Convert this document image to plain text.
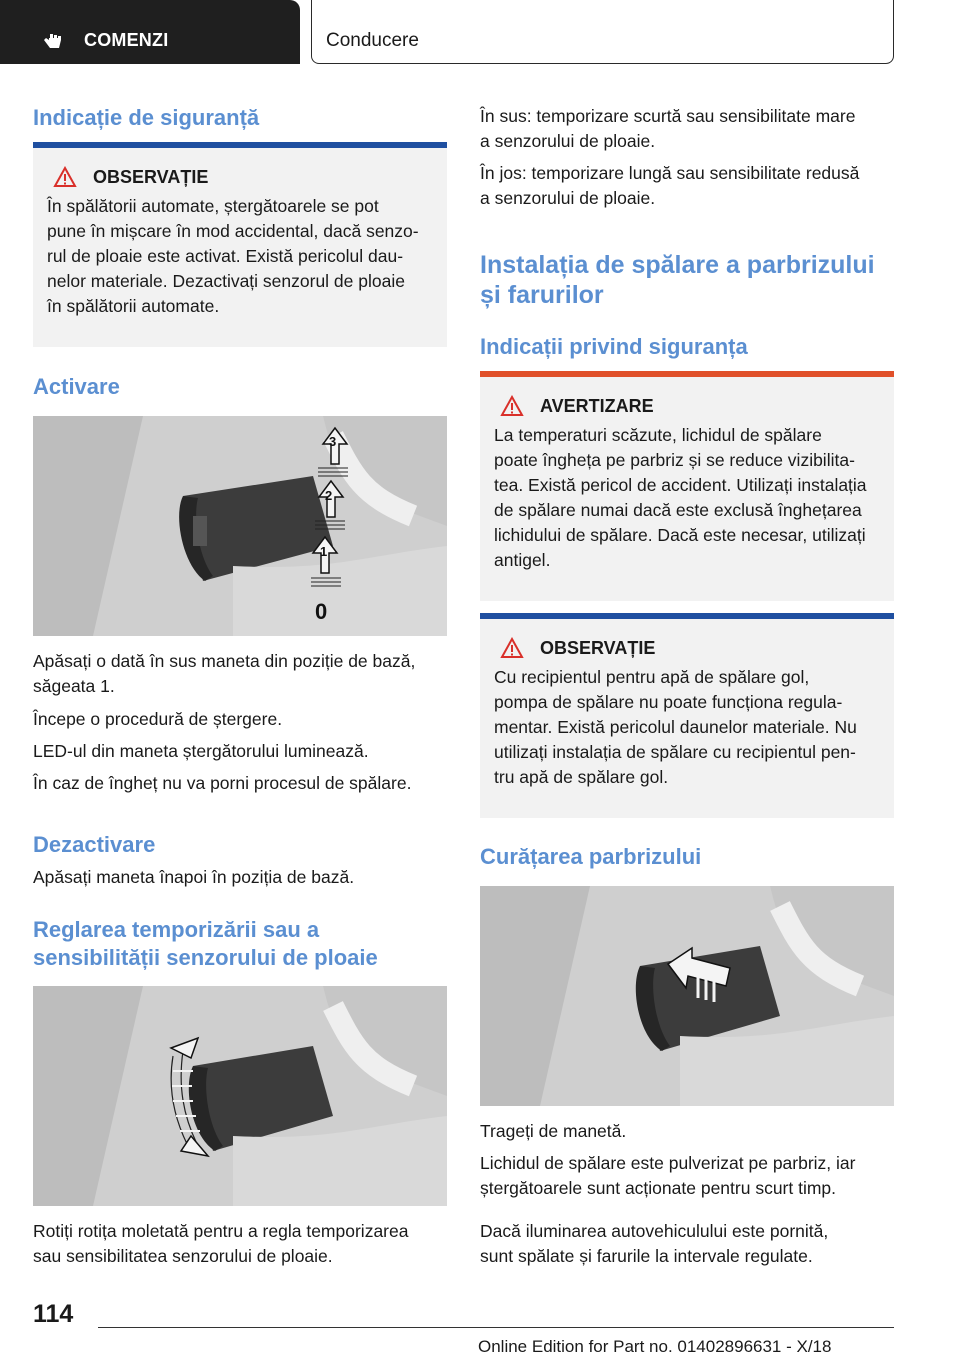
COMENZI	Conducere
Indicație de siguranță
OBSERVAȚIE

În spălătorii automate, ștergătoarele se pot

pune în mișcare în mod accidental, dacă senzo-

rul de ploaie este activat. Există pericolul dau-

nelor materiale. Dezactivați senzorul de ploaie

în spălătorii automate.

Activare
3
2
1
0

Apăsați o dată în sus maneta din poziție de bază,

săgeata 1.

Începe o procedură de ștergere.

LED-ul din maneta ștergătorului luminează.

În caz de îngheț nu va porni procesul de spălare.

Dezactivare

Apăsați maneta înapoi în poziția de bază.

Reglarea temporizării sau a
sensibilității senzorului de ploaie

Rotiți rotița moletată pentru a regla temporizarea

sau sensibilitatea senzorului de ploaie.

În sus: temporizare scurtă sau sensibilitate mare

a senzorului de ploaie.

În jos: temporizare lungă sau sensibilitate redusă

a senzorului de ploaie.

Instalația de spălare a parbrizului
și farurilor
Indicații privind siguranța
AVERTIZARE

La temperaturi scăzute, lichidul de spălare

poate îngheța pe parbriz și se reduce vizibilita-

tea. Există pericol de accident. Utilizați instalația

de spălare numai dacă este exclusă înghețarea

lichidului de spălare. Dacă este necesar, utilizați

antigel.

OBSERVAȚIE

Cu recipientul pentru apă de spălare gol,

pompa de spălare nu poate funcționa regula-

mentar. Există pericolul daunelor materiale. Nu

utilizați instalația de spălare cu recipientul pen-

tru apă de spălare gol.

Curățarea parbrizului

Trageți de manetă.

Lichidul de spălare este pulverizat pe parbriz, iar

ștergătoarele sunt acționate pentru scurt timp.

Dacă iluminarea autovehiculului este pornită,

sunt spălate și farurile la intervale regulate.

114
Online Edition for Part no. 01402896631 - X/18
